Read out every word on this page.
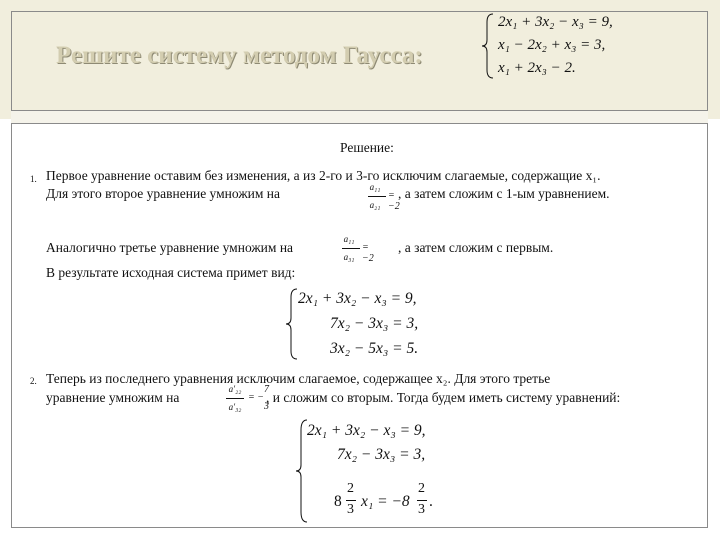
Решите систему методом Гаусса:
2x₁ + 3x₂ − x₃ = 9,
x₁ − 2x₂ + x₃ = 3,
x₁ + 2x₃ − 2.
Решение:
1. Первое уравнение оставим без изменения, а из 2-го и 3-го исключим слагаемые, содержащие x₁.
Для этого второе уравнение умножим на	a₁₁
a₂₁
= −2
, а затем сложим с 1-ым уравнением.
Аналогично третье уравнение умножим на
a₁₁
a₃₁
= −2
, а затем сложим с первым.
В результате исходная система примет вид:
2x₁ + 3x₂ − x₃ = 9,
7x₂ − 3x₃ = 3,
3x₂ − 5x₃ = 5.
2. Теперь из последнего уравнения исключим слагаемое, содержащее x₂. Для этого третье
уравнение умножим на
a′₂₂
a′₃₂
= −
7
3
, и сложим со вторым. Тогда будем иметь систему уравнений:
2x₁ + 3x₂ − x₃ = 9,
7x₂ − 3x₃ = 3,
8
2
3 x₁ = −8
2
3 .
